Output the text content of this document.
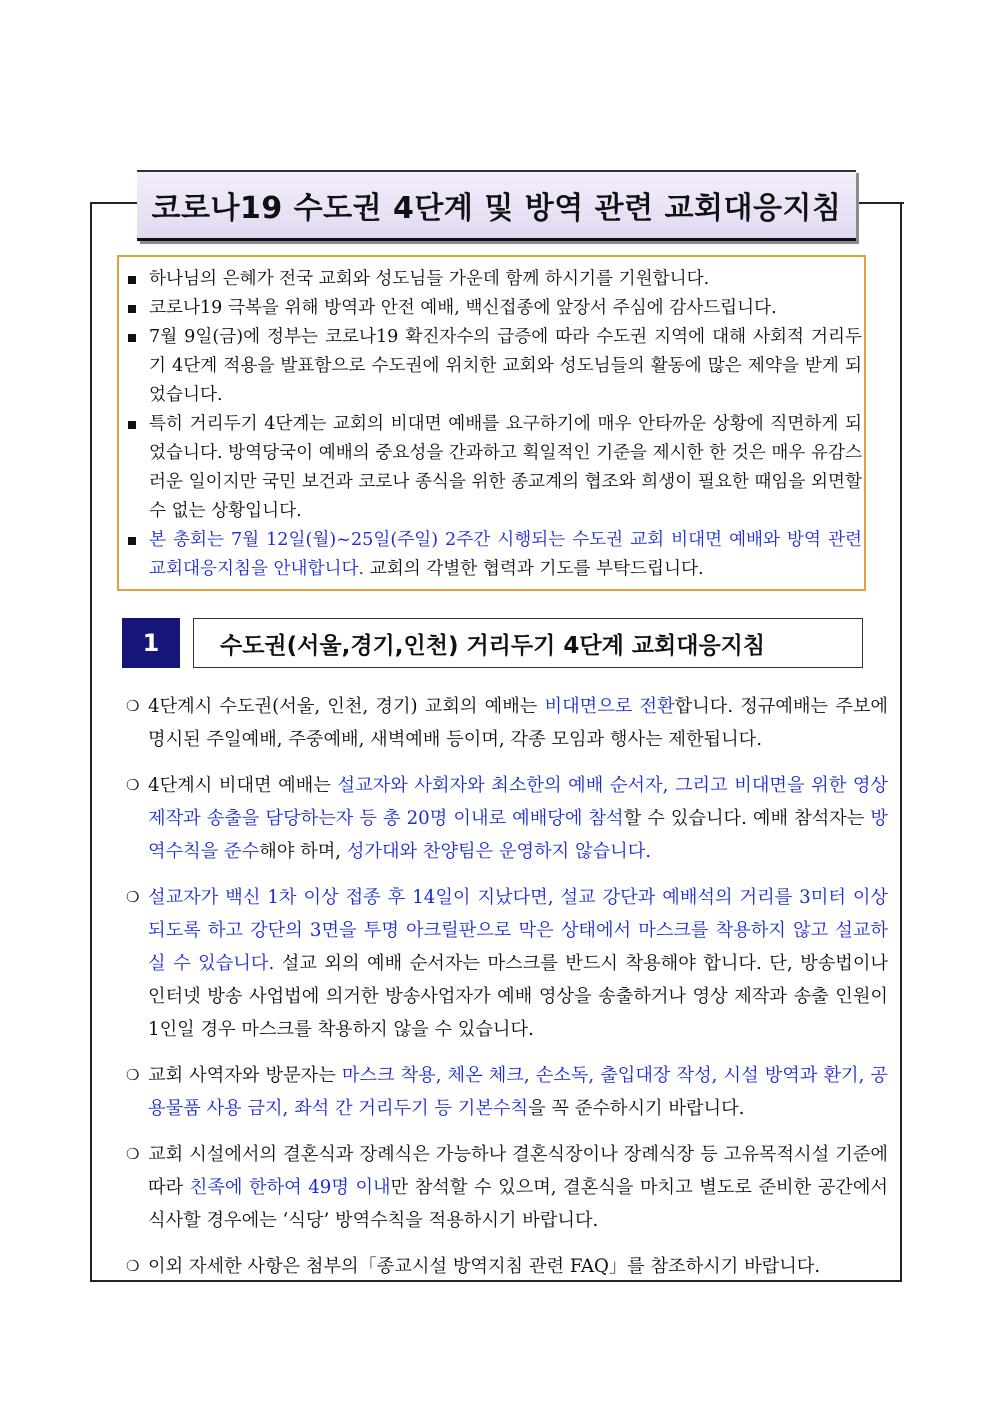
코로나19 수도권 4단계 및 방역 관련 교회대응지침
하나님의 은혜가 전국 교회와 성도님들 가운데 함께 하시기를 기원합니다.
코로나19 극복을 위해 방역과 안전 예배, 백신접종에 앞장서 주심에 감사드립니다.
7월 9일(금)에 정부는 코로나19 확진자수의 급증에 따라 수도권 지역에 대해 사회적 거리두기 4단계 적용을 발표함으로 수도권에 위치한 교회와 성도님들의 활동에 많은 제약을 받게 되었습니다.
특히 거리두기 4단계는 교회의 비대면 예배를 요구하기에 매우 안타까운 상황에 직면하게 되었습니다. 방역당국이 예배의 중요성을 간과하고 획일적인 기준을 제시한 한 것은 매우 유감스러운 일이지만 국민 보건과 코로나 종식을 위한 종교계의 협조와 희생이 필요한 때임을 외면할 수 없는 상황입니다.
본 총회는 7월 12일(월)~25일(주일) 2주간 시행되는 수도권 교회 비대면 예배와 방역 관련 교회대응지침을 안내합니다. 교회의 각별한 협력과 기도를 부탁드립니다.
1	수도권(서울,경기,인천) 거리두기 4단계 교회대응지침
❍ 4단계시 수도권(서울, 인천, 경기) 교회의 예배는 비대면으로 전환합니다. 정규예배는 주보에 명시된 주일예배, 주중예배, 새벽예배 등이며, 각종 모임과 행사는 제한됩니다.
❍ 4단계시 비대면 예배는 설교자와 사회자와 최소한의 예배 순서자, 그리고 비대면을 위한 영상 제작과 송출을 담당하는자 등 총 20명 이내로 예배당에 참석할 수 있습니다. 예배 참석자는 방역수칙을 준수해야 하며, 성가대와 찬양팀은 운영하지 않습니다.
❍ 설교자가 백신 1차 이상 접종 후 14일이 지났다면, 설교 강단과 예배석의 거리를 3미터 이상 되도록 하고 강단의 3면을 투명 아크릴판으로 막은 상태에서 마스크를 착용하지 않고 설교하실 수 있습니다. 설교 외의 예배 순서자는 마스크를 반드시 착용해야 합니다. 단, 방송법이나 인터넷 방송 사업법에 의거한 방송사업자가 예배 영상을 송출하거나 영상 제작과 송출 인원이 1인일 경우 마스크를 착용하지 않을 수 있습니다.
❍ 교회 사역자와 방문자는 마스크 착용, 체온 체크, 손소독, 출입대장 작성, 시설 방역과 환기, 공용물품 사용 금지, 좌석 간 거리두기 등 기본수칙을 꼭 준수하시기 바랍니다.
❍ 교회 시설에서의 결혼식과 장례식은 가능하나 결혼식장이나 장례식장 등 고유목적시설 기준에 따라 친족에 한하여 49명 이내만 참석할 수 있으며, 결혼식을 마치고 별도로 준비한 공간에서 식사할 경우에는 ‘식당’ 방역수칙을 적용하시기 바랍니다.
❍ 이외 자세한 사항은 첨부의「종교시설 방역지침 관련 FAQ」를 참조하시기 바랍니다.
